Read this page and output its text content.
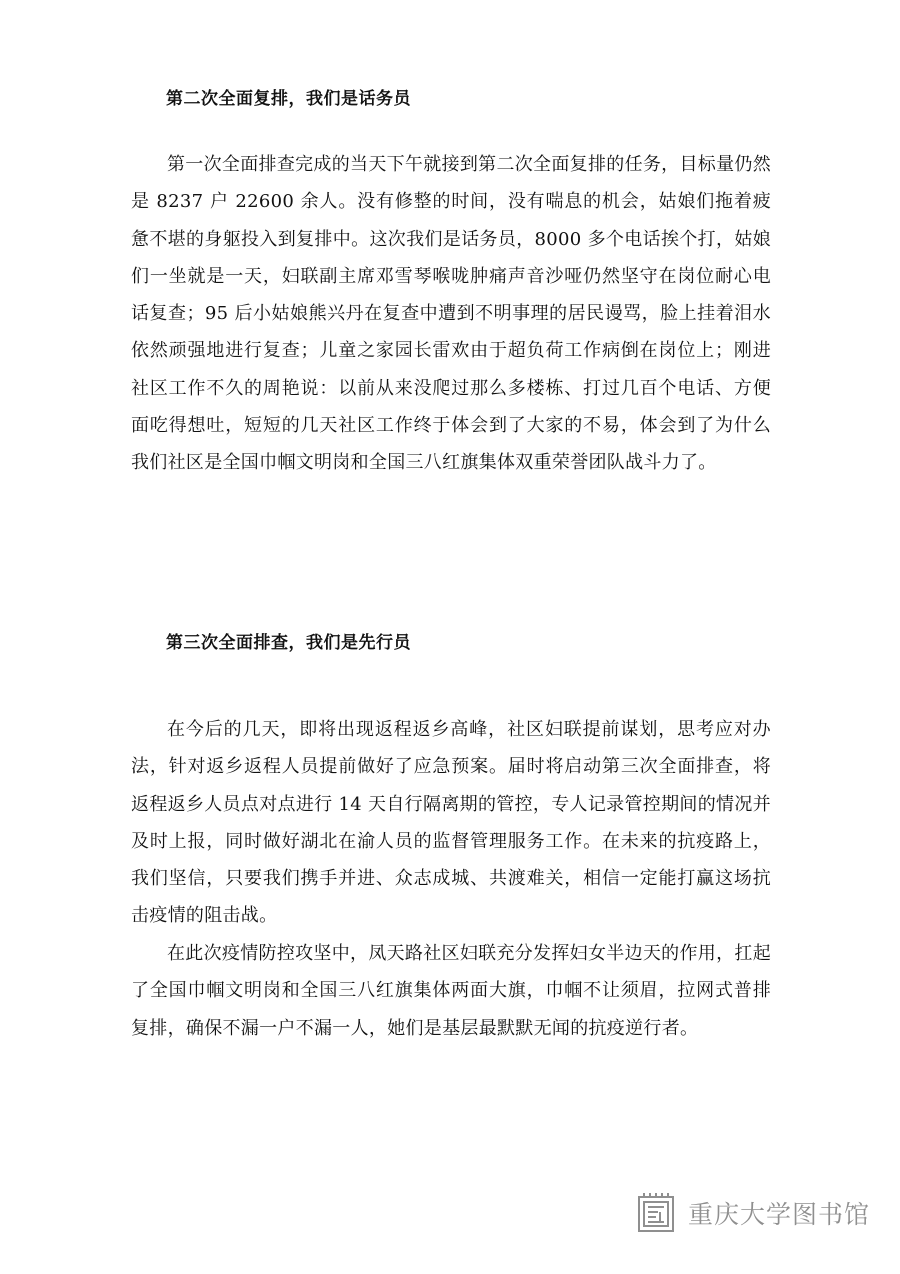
第二次全面复排，我们是话务员

第一次全面排查完成的当天下午就接到第二次全面复排的任务，目标量仍然是 8237 户 22600 余人。没有修整的时间，没有喘息的机会，姑娘们拖着疲惫不堪的身躯投入到复排中。这次我们是话务员，8000 多个电话挨个打，姑娘们一坐就是一天，妇联副主席邓雪琴喉咙肿痛声音沙哑仍然坚守在岗位耐心电话复查；95 后小姑娘熊兴丹在复查中遭到不明事理的居民谩骂，脸上挂着泪水依然顽强地进行复查；儿童之家园长雷欢由于超负荷工作病倒在岗位上；刚进社区工作不久的周艳说：以前从来没爬过那么多楼栋、打过几百个电话、方便面吃得想吐，短短的几天社区工作终于体会到了大家的不易，体会到了为什么我们社区是全国巾帼文明岗和全国三八红旗集体双重荣誉团队战斗力了。

第三次全面排查，我们是先行员

在今后的几天，即将出现返程返乡高峰，社区妇联提前谋划，思考应对办法，针对返乡返程人员提前做好了应急预案。届时将启动第三次全面排查，将返程返乡人员点对点进行 14 天自行隔离期的管控，专人记录管控期间的情况并及时上报，同时做好湖北在渝人员的监督管理服务工作。在未来的抗疫路上，我们坚信，只要我们携手并进、众志成城、共渡难关，相信一定能打赢这场抗击疫情的阻击战。

在此次疫情防控攻坚中，凤天路社区妇联充分发挥妇女半边天的作用，扛起了全国巾帼文明岗和全国三八红旗集体两面大旗，巾帼不让须眉，拉网式普排复排，确保不漏一户不漏一人，她们是基层最默默无闻的抗疫逆行者。

重庆大学图书馆
